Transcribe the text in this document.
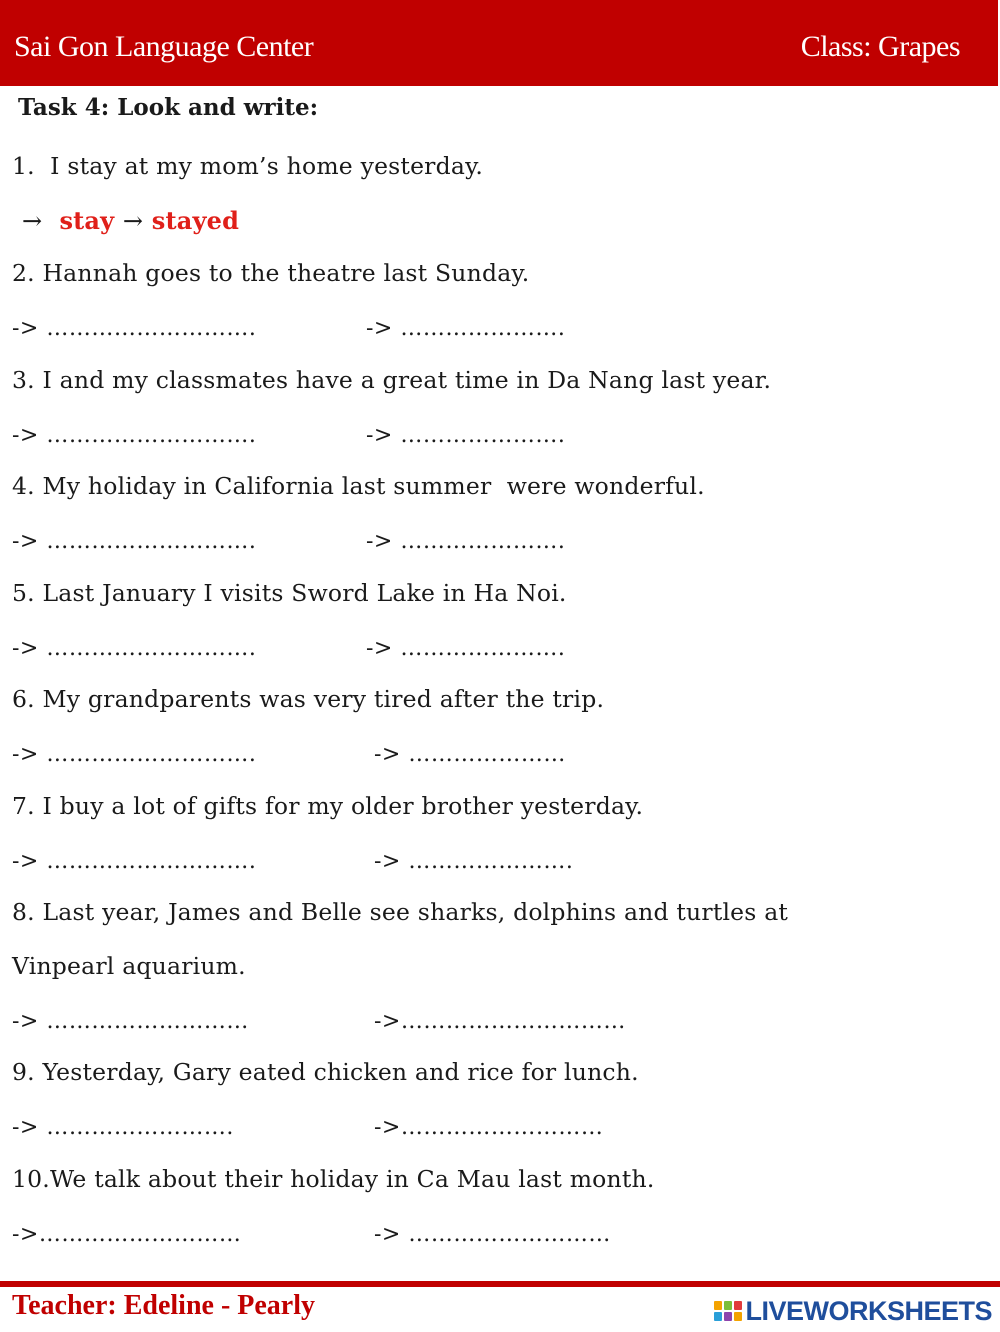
Sai Gon Language Center	Class: Grapes
Task 4: Look and write:
1.  I stay at my mom’s home yesterday.
→ stay → stayed
2. Hannah goes to the theatre last Sunday.
-> ……………………….	-> ………………….
3. I and my classmates have a great time in Da Nang last year.
-> ……………………….	-> ………………….
4. My holiday in California last summer  were wonderful.
-> ……………………….	-> ………………….
5. Last January I visits Sword Lake in Ha Noi.
-> ……………………….	-> ………………….
6. My grandparents was very tired after the trip.
-> ……………………….	-> …………………
7. I buy a lot of gifts for my older brother yesterday.
-> ……………………….	-> ………………….
8. Last year, James and Belle see sharks, dolphins and turtles at
Vinpearl aquarium.
-> ………………………	->…………………………
9. Yesterday, Gary eated chicken and rice for lunch.
-> …………………….	->………………………
10.We talk about their holiday in Ca Mau last month.
->………………………	-> ………………………
Teacher: Edeline - Pearly	LIVEWORKSHEETS
